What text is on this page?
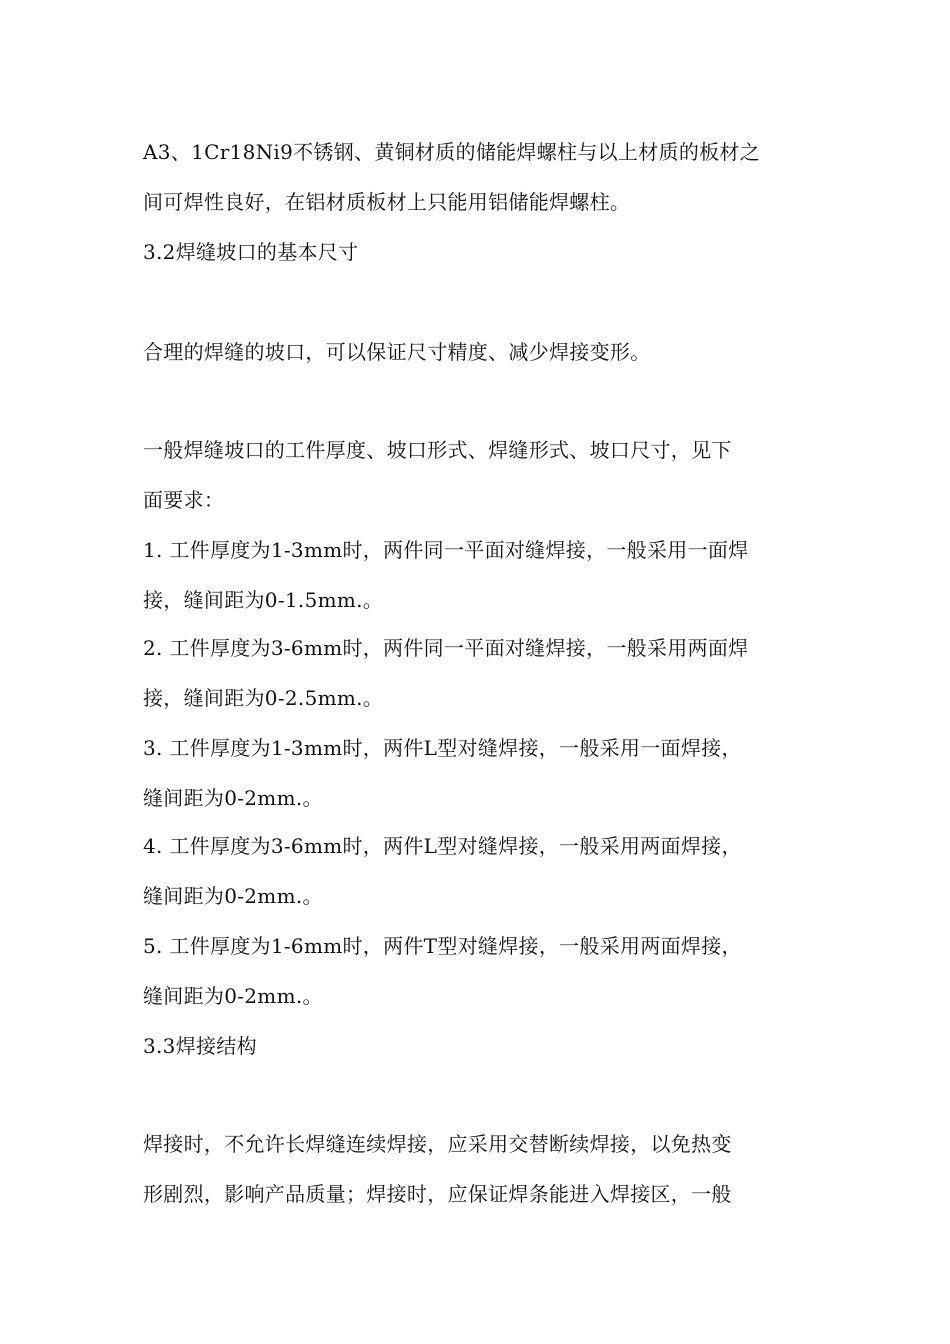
A3、1Cr18Ni9不锈钢、黄铜材质的储能焊螺柱与以上材质的板材之
间可焊性良好，在铝材质板材上只能用铝储能焊螺柱。
3.2焊缝坡口的基本尺寸
合理的焊缝的坡口，可以保证尺寸精度、减少焊接变形。
一般焊缝坡口的工件厚度、坡口形式、焊缝形式、坡口尺寸，见下
面要求：
1. 工件厚度为1-3mm时，两件同一平面对缝焊接，一般采用一面焊
接，缝间距为0-1.5mm.。
2. 工件厚度为3-6mm时，两件同一平面对缝焊接，一般采用两面焊
接，缝间距为0-2.5mm.。
3. 工件厚度为1-3mm时，两件L型对缝焊接，一般采用一面焊接，
缝间距为0-2mm.。
4. 工件厚度为3-6mm时，两件L型对缝焊接，一般采用两面焊接，
缝间距为0-2mm.。
5. 工件厚度为1-6mm时，两件T型对缝焊接，一般采用两面焊接，
缝间距为0-2mm.。
3.3焊接结构
焊接时，不允许长焊缝连续焊接，应采用交替断续焊接，以免热变
形剧烈，影响产品质量；焊接时，应保证焊条能进入焊接区，一般
